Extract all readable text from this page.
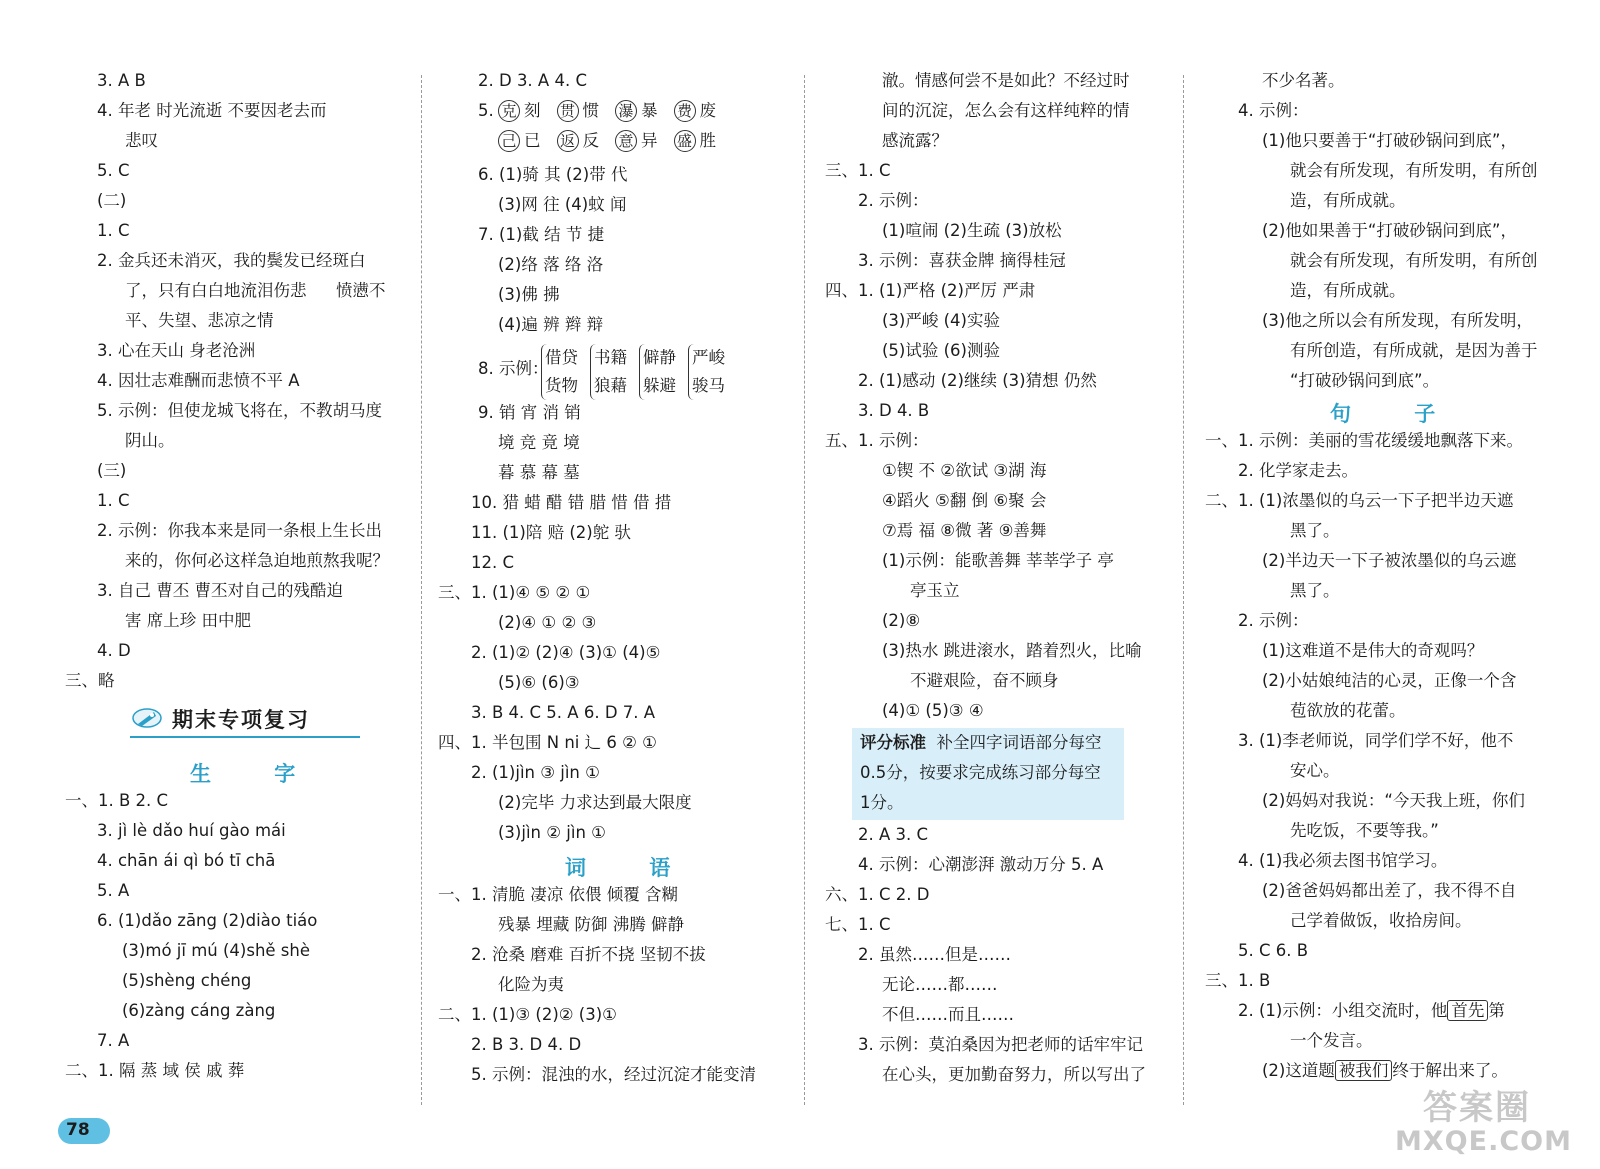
3. A B
4. 年老 时光流逝 不要因老去而
悲叹
5. C
(二)
1. C
2. 金兵还未消灭，我的鬓发已经斑白
了，只有白白地流泪伤悲 愤懑不
平、失望、悲凉之情
3. 心在天山 身老沧洲
4. 因壮志难酬而悲愤不平 A
5. 示例：但使龙城飞将在，不教胡马度
阴山。
(三)
1. C
2. 示例：你我本来是同一条根上生长出
来的，你何必这样急迫地煎熬我呢？
3. 自己 曹丕 曹丕对自己的残酷迫
害 席上珍 田中肥
4. D
三、略
期末专项复习
生 字
一、1. B 2. C
3. jì lè dǎo huí gào mái
4. chān ái qì bó tī chā
5. A
6. (1)dǎo zāng (2)diào tiáo
(3)mó jī mú (4)shě shè
(5)shèng chéng
(6)zàng cáng zàng
7. A
二、1. 隔 蒸 域 侯 戚 葬
2. D 3. A 4. C
5. 克 刻 贯 惯 瀑 暴 费 废
己 已 返 反 意 异 盛 胜
6. (1)骑 其 (2)带 代
(3)网 往 (4)蚊 闻
7. (1)截 结 节 捷
(2)络 落 络 洛
(3)佛 拂
(4)遍 辨 辫 辩
8. 示例：
借贷
货物
书籍
狼藉
僻静
躲避
严峻
骏马
9. 销 宵 消 销
境 竞 竟 境
暮 慕 幕 墓
10. 猎 蜡 醋 错 腊 惜 借 措
11. (1)陪 赔 (2)鸵 驮
12. C
三、1. (1)④ ⑤ ② ①
(2)④ ① ② ③
2. (1)② (2)④ (3)① (4)⑤
(5)⑥ (6)③
3. B 4. C 5. A 6. D 7. A
四、1. 半包围 N ni 辶 6 ② ①
2. (1)jìn ③ jìn ①
(2)完毕 力求达到最大限度
(3)jìn ② jìn ①
词 语
一、1. 清脆 凄凉 依偎 倾覆 含糊
残暴 埋藏 防御 沸腾 僻静
2. 沧桑 磨难 百折不挠 坚韧不拔
化险为夷
二、1. (1)③ (2)② (3)①
2. B 3. D 4. D
5. 示例：混浊的水，经过沉淀才能变清
澈。情感何尝不是如此？不经过时
间的沉淀，怎么会有这样纯粹的情
感流露？
三、1. C
2. 示例：
(1)喧闹 (2)生疏 (3)放松
3. 示例：喜获金牌 摘得桂冠
四、1. (1)严格 (2)严厉 严肃
(3)严峻 (4)实验
(5)试验 (6)测验
2. (1)感动 (2)继续 (3)猜想 仍然
3. D 4. B
五、1. 示例：
①锲 不 ②欲试 ③湖 海
④蹈火 ⑤翻 倒 ⑥聚 会
⑦焉 福 ⑧微 著 ⑨善舞
(1)示例：能歌善舞 莘莘学子 亭
亭玉立
(2)⑧
(3)热水 跳进滚水，踏着烈火，比喻
不避艰险，奋不顾身
(4)① (5)③ ④
评分标准 补全四字词语部分每空
0.5分，按要求完成练习部分每空
1分。
2. A 3. C
4. 示例：心潮澎湃 激动万分 5. A
六、1. C 2. D
七、1. C
2. 虽然……但是……
无论……都……
不但……而且……
3. 示例：莫泊桑因为把老师的话牢牢记
在心头，更加勤奋努力，所以写出了
不少名著。
4. 示例：
(1)他只要善于“打破砂锅问到底”，
就会有所发现，有所发明，有所创
造，有所成就。
(2)他如果善于“打破砂锅问到底”，
就会有所发现，有所发明，有所创
造，有所成就。
(3)他之所以会有所发现，有所发明，
有所创造，有所成就，是因为善于
“打破砂锅问到底”。
句 子
一、1. 示例：美丽的雪花缓缓地飘落下来。
2. 化学家走去。
二、1. (1)浓墨似的乌云一下子把半边天遮
黑了。
(2)半边天一下子被浓墨似的乌云遮
黑了。
2. 示例：
(1)这难道不是伟大的奇观吗？
(2)小姑娘纯洁的心灵，正像一个含
苞欲放的花蕾。
3. (1)李老师说，同学们学不好，他不
安心。
(2)妈妈对我说：“今天我上班，你们
先吃饭，不要等我。”
4. (1)我必须去图书馆学习。
(2)爸爸妈妈都出差了，我不得不自
己学着做饭，收拾房间。
5. C 6. B
三、1. B
2. (1)示例：小组交流时，他 首先 第
一个发言。
(2)这道题 被我们 终于解出来了。
78
答案圈
MXQE.COM
